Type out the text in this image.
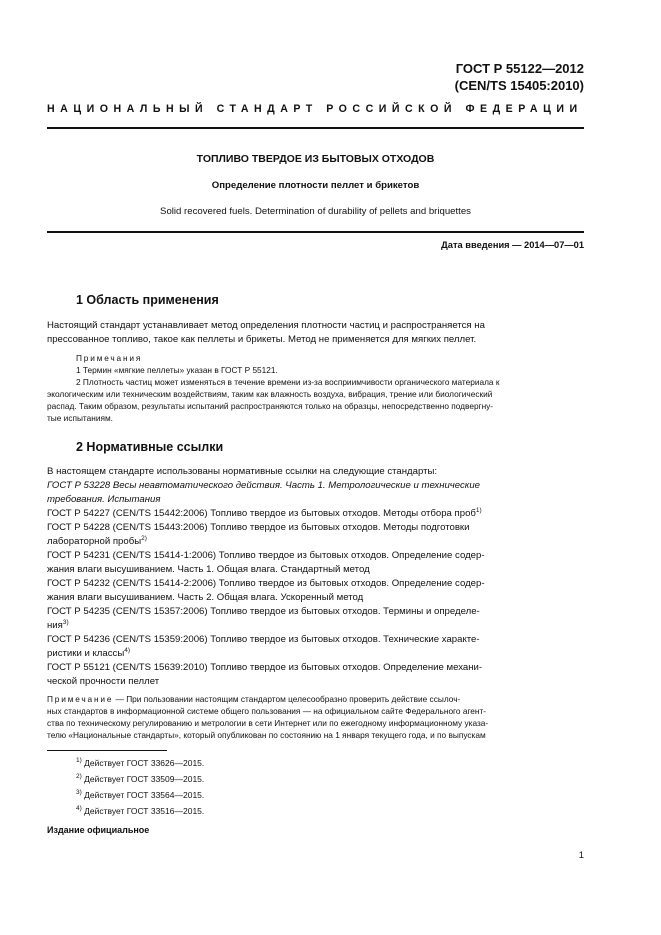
ГОСТ Р 55122—2012
(CEN/TS 15405:2010)
НАЦИОНАЛЬНЫЙ СТАНДАРТ РОССИЙСКОЙ ФЕДЕРАЦИИ
ТОПЛИВО ТВЕРДОЕ ИЗ БЫТОВЫХ ОТХОДОВ
Определение плотности пеллет и брикетов
Solid recovered fuels. Determination of durability of pellets and briquettes
Дата введения — 2014—07—01
1 Область применения
Настоящий стандарт устанавливает метод определения плотности частиц и распространяется на
прессованное топливо, такое как пеллеты и брикеты. Метод не применяется для мягких пеллет.
Примечания
1 Термин «мягкие пеллеты» указан в ГОСТ Р 55121.
2 Плотность частиц может изменяться в течение времени из-за восприимчивости органического материала к
экологическим или техническим воздействиям, таким как влажность воздуха, вибрация, трение или биологический
распад. Таким образом, результаты испытаний распространяются только на образцы, непосредственно подвергну-
тые испытаниям.
2 Нормативные ссылки
В настоящем стандарте использованы нормативные ссылки на следующие стандарты:
ГОСТ Р 53228 Весы неавтоматического действия. Часть 1. Метрологические и технические
требования. Испытания
ГОСТ Р 54227 (CEN/TS 15442:2006) Топливо твердое из бытовых отходов. Методы отбора проб$^{1)}$
ГОСТ Р 54228 (CEN/TS 15443:2006) Топливо твердое из бытовых отходов. Методы подготовки
лабораторной пробы$^{2)}$
ГОСТ Р 54231 (CEN/TS 15414-1:2006) Топливо твердое из бытовых отходов. Определение содер-
жания влаги высушиванием. Часть 1. Общая влага. Стандартный метод
ГОСТ Р 54232 (CEN/TS 15414-2:2006) Топливо твердое из бытовых отходов. Определение содер-
жания влаги высушиванием. Часть 2. Общая влага. Ускоренный метод
ГОСТ Р 54235 (CEN/TS 15357:2006) Топливо твердое из бытовых отходов. Термины и определе-
ния$^{3)}$
ГОСТ Р 54236 (CEN/TS 15359:2006) Топливо твердое из бытовых отходов. Технические характе-
ристики и классы$^{4)}$
ГОСТ Р 55121 (CEN/TS 15639:2010) Топливо твердое из бытовых отходов. Определение механи-
ческой прочности пеллет
Примечание — При пользовании настоящим стандартом целесообразно проверить действие ссылоч-
ных стандартов в информационной системе общего пользования — на официальном сайте Федерального агент-
ства по техническому регулированию и метрологии в сети Интернет или по ежегодному информационному указа-
телю «Национальные стандарты», который опубликован по состоянию на 1 января текущего года, и по выпускам
$^{1)}$ Действует ГОСТ 33626—2015.
$^{2)}$ Действует ГОСТ 33509—2015.
$^{3)}$ Действует ГОСТ 33564—2015.
$^{4)}$ Действует ГОСТ 33516—2015.
Издание официальное
1
